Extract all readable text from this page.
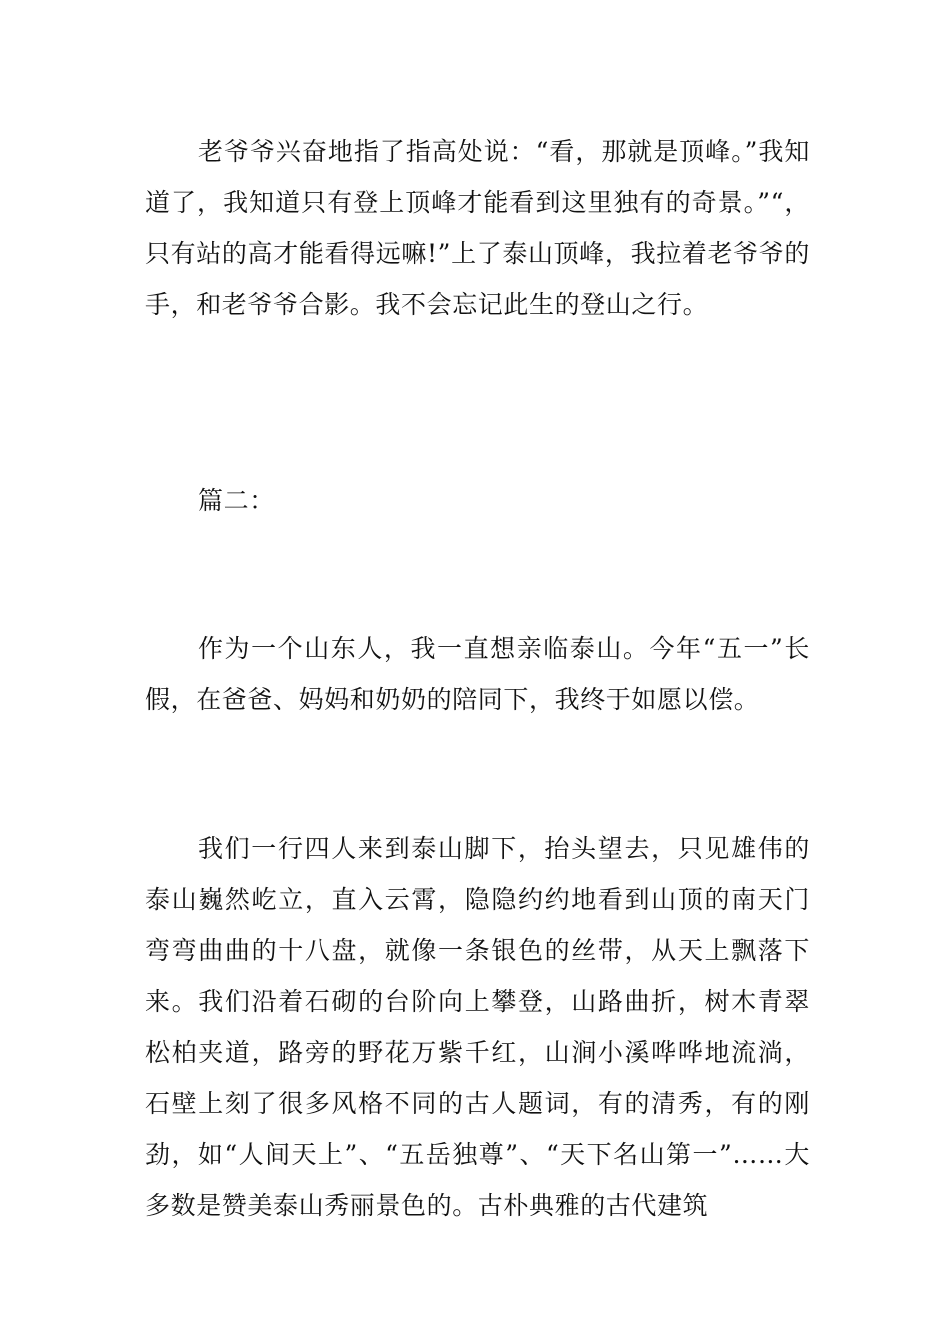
老爷爷兴奋地指了指高处说：“看，那就是顶峰。”我知道了，我知道只有登上顶峰才能看到这里独有的奇景。”“，只有站的高才能看得远嘛!”上了泰山顶峰，我拉着老爷爷的手，和老爷爷合影。我不会忘记此生的登山之行。

篇二：

作为一个山东人，我一直想亲临泰山。今年“五一”长假，在爸爸、妈妈和奶奶的陪同下，我终于如愿以偿。

我们一行四人来到泰山脚下，抬头望去，只见雄伟的泰山巍然屹立，直入云霄，隐隐约约地看到山顶的南天门弯弯曲曲的十八盘，就像一条银色的丝带，从天上飘落下来。我们沿着石砌的台阶向上攀登，山路曲折，树木青翠松柏夹道，路旁的野花万紫千红，山涧小溪哗哗地流淌，石壁上刻了很多风格不同的古人题词，有的清秀，有的刚劲，如“人间天上”、“五岳独尊”、“天下名山第一”……大多数是赞美泰山秀丽景色的。古朴典雅的古代建筑
